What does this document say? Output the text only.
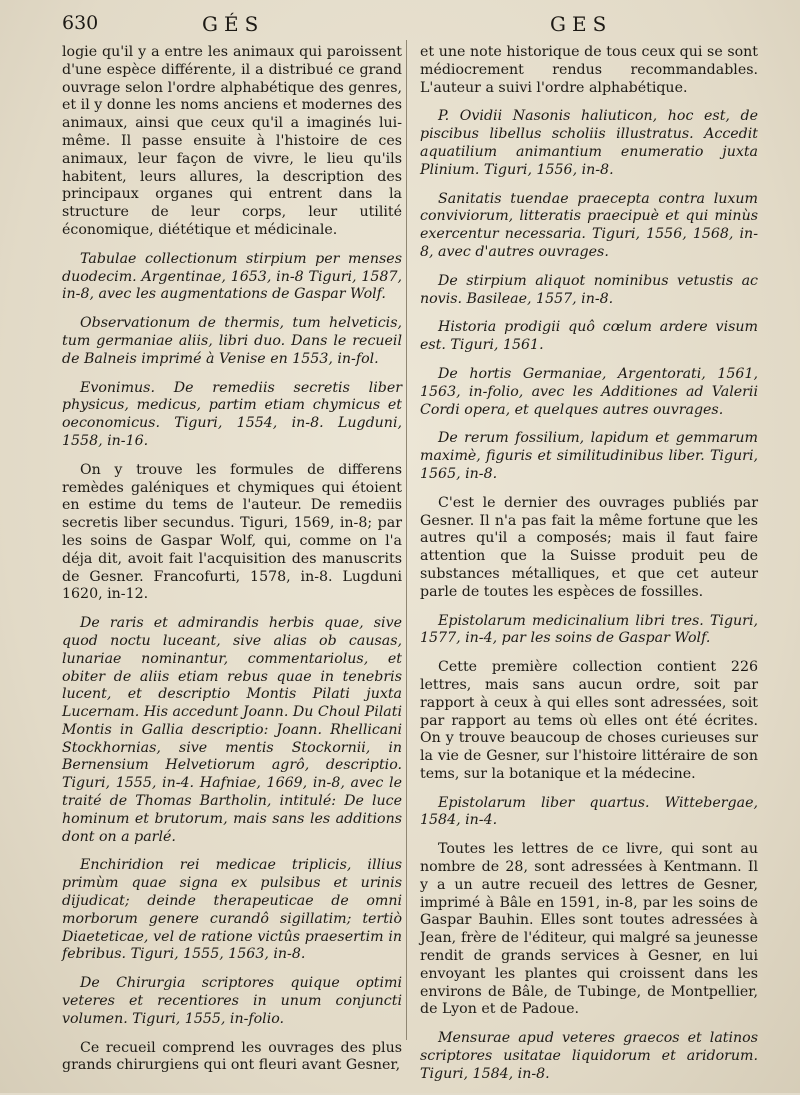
630	GÉS	GES

logie qu'il y a entre les animaux qui paroissent d'une espèce différente, il a distribué ce grand ouvrage selon l'ordre alphabétique des genres, et il y donne les noms anciens et modernes des animaux, ainsi que ceux qu'il a imaginés lui-même. Il passe ensuite à l'histoire de ces animaux, leur façon de vivre, le lieu qu'ils habitent, leurs allures, la description des principaux organes qui entrent dans la structure de leur corps, leur utilité économique, diététique et médicinale.

Tabulae collectionum stirpium per menses duodecim. Argentinae, 1653, in-8 Tiguri, 1587, in-8, avec les augmentations de Gaspar Wolf.

Observationum de thermis, tum helveticis, tum germaniae aliis, libri duo. Dans le recueil de Balneis imprimé à Venise en 1553, in-fol.

Evonimus. De remediis secretis liber physicus, medicus, partim etiam chymicus et oeconomicus. Tiguri, 1554, in-8. Lugduni, 1558, in-16.

On y trouve les formules de differens remèdes galéniques et chymiques qui étoient en estime du tems de l'auteur. De remediis secretis liber secundus. Tiguri, 1569, in-8; par les soins de Gaspar Wolf, qui, comme on l'a déja dit, avoit fait l'acquisition des manuscrits de Gesner. Francofurti, 1578, in-8. Lugduni 1620, in-12.

De raris et admirandis herbis quae, sive quod noctu luceant, sive alias ob causas, lunariae nominantur, commentariolus, et obiter de aliis etiam rebus quae in tenebris lucent, et descriptio Montis Pilati juxta Lucernam. His accedunt Joann. Du Choul Pilati Montis in Gallia descriptio: Joann. Rhellicani Stockhornias, sive mentis Stockornii, in Bernensium Helvetiorum agrô, descriptio. Tiguri, 1555, in-4. Hafniae, 1669, in-8, avec le traité de Thomas Bartholin, intitulé: De luce hominum et brutorum, mais sans les additions dont on a parlé.

Enchiridion rei medicae triplicis, illius primùm quae signa ex pulsibus et urinis dijudicat; deinde therapeuticae de omni morborum genere curandô sigillatim; tertiò Diaeteticae, vel de ratione victûs praesertim in febribus. Tiguri, 1555, 1563, in-8.

De Chirurgia scriptores quique optimi veteres et recentiores in unum conjuncti volumen. Tiguri, 1555, in-folio.

Ce recueil comprend les ouvrages des plus grands chirurgiens qui ont fleuri avant Gesner,

et une note historique de tous ceux qui se sont médiocrement rendus recommandables. L'auteur a suivi l'ordre alphabétique.

P. Ovidii Nasonis haliuticon, hoc est, de piscibus libellus scholiis illustratus. Accedit aquatilium animantium enumeratio juxta Plinium. Tiguri, 1556, in-8.

Sanitatis tuendae praecepta contra luxum conviviorum, litteratis praecipuè et qui minùs exercentur necessaria. Tiguri, 1556, 1568, in-8, avec d'autres ouvrages.

De stirpium aliquot nominibus vetustis ac novis. Basileae, 1557, in-8.

Historia prodigii quô cœlum ardere visum est. Tiguri, 1561.

De hortis Germaniae, Argentorati, 1561, 1563, in-folio, avec les Additiones ad Valerii Cordi opera, et quelques autres ouvrages.

De rerum fossilium, lapidum et gemmarum maximè, figuris et similitudinibus liber. Tiguri, 1565, in-8.

C'est le dernier des ouvrages publiés par Gesner. Il n'a pas fait la même fortune que les autres qu'il a composés; mais il faut faire attention que la Suisse produit peu de substances métalliques, et que cet auteur parle de toutes les espèces de fossilles.

Epistolarum medicinalium libri tres. Tiguri, 1577, in-4, par les soins de Gaspar Wolf.

Cette première collection contient 226 lettres, mais sans aucun ordre, soit par rapport à ceux à qui elles sont adressées, soit par rapport au tems où elles ont été écrites. On y trouve beaucoup de choses curieuses sur la vie de Gesner, sur l'histoire littéraire de son tems, sur la botanique et la médecine.

Epistolarum liber quartus. Wittebergae, 1584, in-4.

Toutes les lettres de ce livre, qui sont au nombre de 28, sont adressées à Kentmann. Il y a un autre recueil des lettres de Gesner, imprimé à Bâle en 1591, in-8, par les soins de Gaspar Bauhin. Elles sont toutes adressées à Jean, frère de l'éditeur, qui malgré sa jeunesse rendit de grands services à Gesner, en lui envoyant les plantes qui croissent dans les environs de Bâle, de Tubinge, de Montpellier, de Lyon et de Padoue.

Mensurae apud veteres graecos et latinos scriptores usitatae liquidorum et aridorum. Tiguri, 1584, in-8.
